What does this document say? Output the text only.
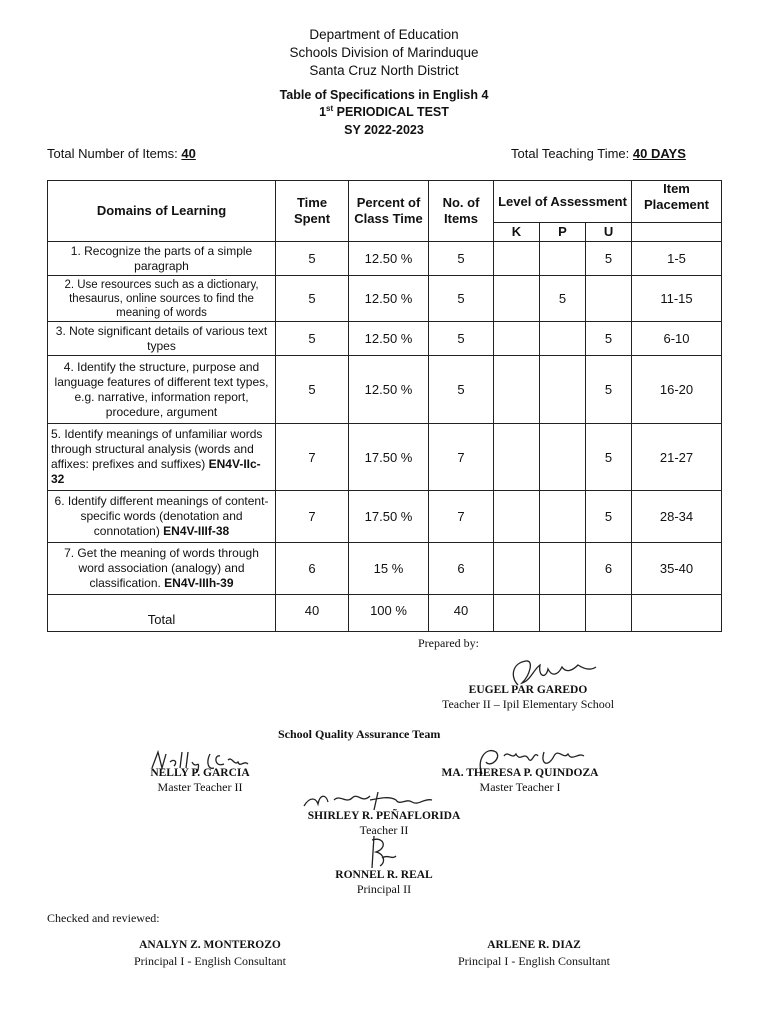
Department of Education
Schools Division of Marinduque
Santa Cruz North District
Table of Specifications in English 4
1st PERIODICAL TEST
SY 2022-2023
Total Number of Items: 40	Total Teaching Time: 40 DAYS
Domains of Learning	Time Spent	Percent of Class Time	No. of Items	Level of Assessment			Item Placement
				K	P	U	
1. Recognize the parts of a simple paragraph	5	12.50 %	5			5	1-5
2. Use resources such as a dictionary, thesaurus, online sources to find the meaning of words	5	12.50 %	5		5		11-15
3. Note significant details of various text types	5	12.50 %	5			5	6-10
4. Identify the structure, purpose and language features of different text types, e.g. narrative, information report, procedure, argument	5	12.50 %	5			5	16-20
5. Identify meanings of unfamiliar words through structural analysis (words and affixes: prefixes and suffixes) EN4V-IIc-32	7	17.50 %	7			5	21-27
6. Identify different meanings of content-specific words (denotation and connotation) EN4V-IIIf-38	7	17.50 %	7			5	28-34
7. Get the meaning of words through word association (analogy) and classification. EN4V-IIIh-39	6	15 %	6			6	35-40
Total	40	100 %	40				
Prepared by:
EUGEL PAR GAREDO
Teacher II – Ipil Elementary School
School Quality Assurance Team
NELLY P. GARCIA
Master Teacher II
MA. THERESA P. QUINDOZA
Master Teacher I
SHIRLEY R. PEÑAFLORIDA
Teacher II
RONNEL R. REAL
Principal II
Checked and reviewed:
ANALYN Z. MONTEROZO
Principal I - English Consultant
ARLENE R. DIAZ
Principal I - English Consultant
